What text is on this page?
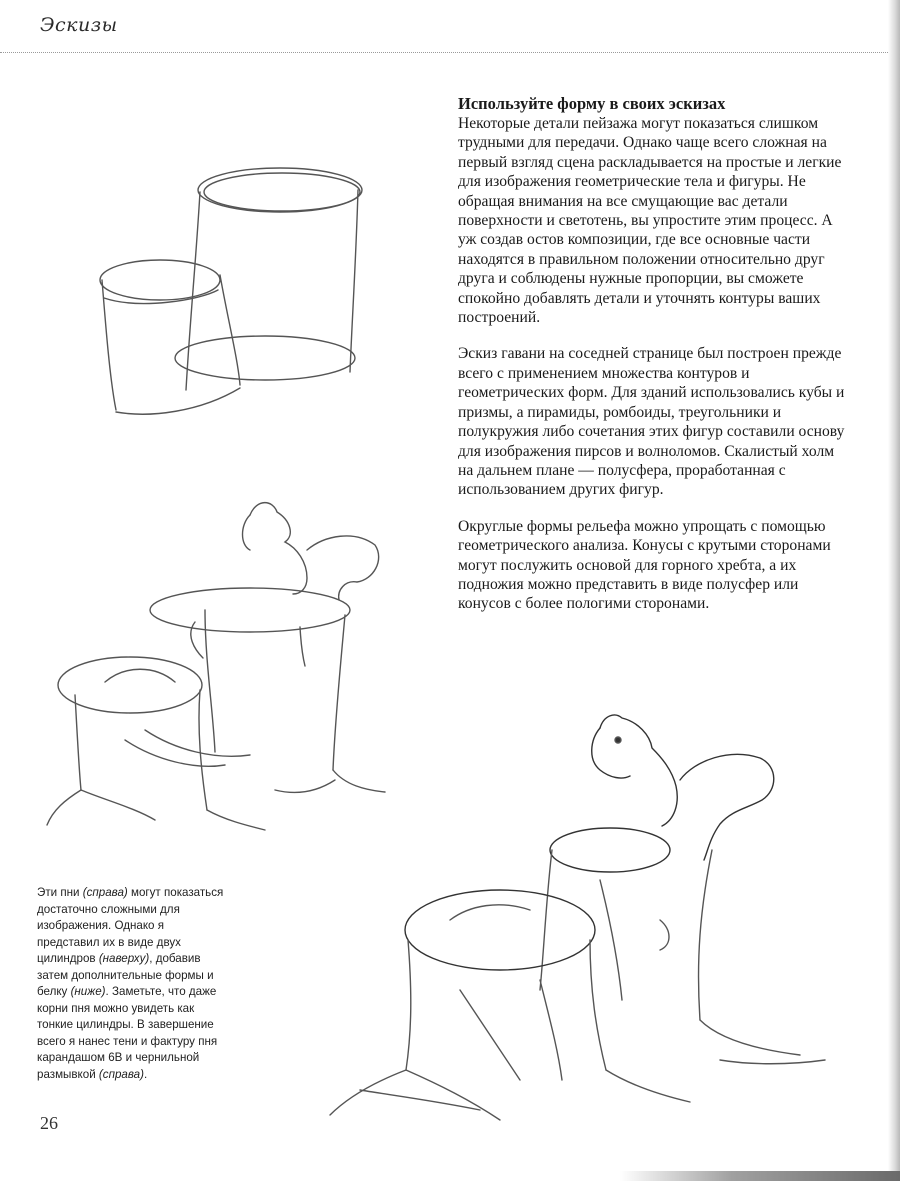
Эскизы
Используйте форму в своих эскизах

Некоторые детали пейзажа могут показаться слишком трудными для передачи. Однако чаще всего сложная на первый взгляд сцена раскладывается на простые и легкие для изображения геометрические тела и фигуры. Не обращая внимания на все смущающие вас детали поверхности и светотень, вы упростите этим процесс. А уж создав остов композиции, где все основные части находятся в правильном положении относительно друг друга и соблюдены нужные пропорции, вы сможете спокойно добавлять детали и уточнять контуры ваших построений.

Эскиз гавани на соседней странице был построен прежде всего с применением множества контуров и геометрических форм. Для зданий использовались кубы и призмы, а пирамиды, ромбоиды, треугольники и полукружия либо сочетания этих фигур составили основу для изображения пирсов и волноломов. Скалистый холм на дальнем плане — полусфера, проработанная с использованием других фигур.

Округлые формы рельефа можно упрощать с помощью геометрического анализа. Конусы с крутыми сторонами могут послужить основой для горного хребта, а их подножия можно представить в виде полусфер или конусов с более пологими сторонами.

Эти пни (справа) могут показаться достаточно сложными для изображения. Однако я представил их в виде двух цилиндров (наверху), добавив затем дополнительные формы и белку (ниже). Заметьте, что даже корни пня можно увидеть как тонкие цилиндры. В завершение всего я нанес тени и фактуру пня карандашом 6В и чернильной размывкой (справа).
26
